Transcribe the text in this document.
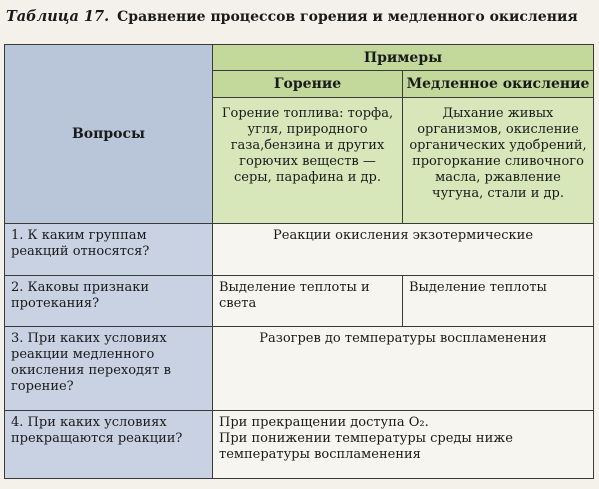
Таблица 17. Сравнение процессов горения и медленного окисления
Вопросы	Примеры	
	Горение	Медленное окисление

	Горение топлива: торфа, угля, природного газа,бензина и других горючих веществ — серы, парафина и др.	Дыхание живых организмов, окисление органических удобрений, прогоркание сливочного масла, ржавление чугуна, стали и др.

1. К каким группам реакций относятся?	Реакции окисления экзотермические	

2. Каковы признаки протекания?	Выделение теплоты и света	Выделение теплоты

3. При каких условиях реакции медленного окисления переходят в горение?	Разогрев до температуры воспламенения	

4. При каких условиях прекращаются реакции?	При прекращении доступа O₂.
При понижении температуры среды ниже температуры воспламенения	
